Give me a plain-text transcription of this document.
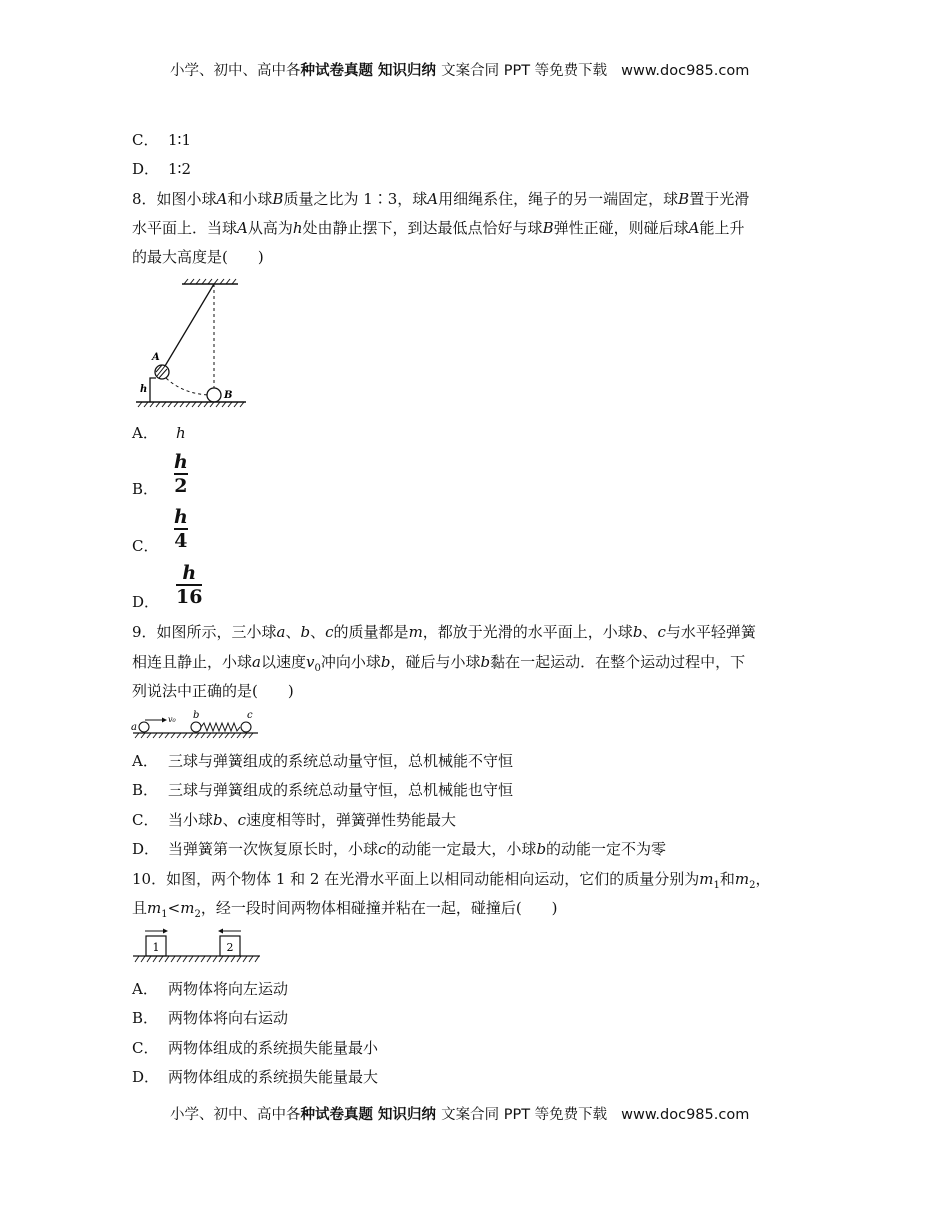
小学、初中、高中各种试卷真题 知识归纳 文案合同 PPT 等免费下载 www.doc985.com
C． 1∶1
D． 1∶2
8．如图小球A和小球B质量之比为 1∶3，球A用细绳系住，绳子的另一端固定，球B置于光滑
水平面上．当球A从高为h处由静止摆下，到达最低点恰好与球B弹性正碰，则碰后球A能上升
的最大高度是(　　)
A
h
B
A． h
B．
h
2
C．
h
4
D．
h
16
9．如图所示，三小球a、b、c的质量都是m，都放于光滑的水平面上，小球b、c与水平轻弹簧
相连且静止，小球a以速度$v_0$冲向小球b，碰后与小球b黏在一起运动．在整个运动过程中，下
列说法中正确的是(　　)
a
v₀ b	c
A． 三球与弹簧组成的系统总动量守恒，总机械能不守恒
B． 三球与弹簧组成的系统总动量守恒，总机械能也守恒
C． 当小球b、c速度相等时，弹簧弹性势能最大
D． 当弹簧第一次恢复原长时，小球c的动能一定最大，小球b的动能一定不为零
10．如图，两个物体 1 和 2 在光滑水平面上以相同动能相向运动，它们的质量分别为$m_1$和$m_2$，
且$m_1<m_2$，经一段时间两物体相碰撞并粘在一起，碰撞后(　　)
1	2
A． 两物体将向左运动
B． 两物体将向右运动
C． 两物体组成的系统损失能量最小
D． 两物体组成的系统损失能量最大
小学、初中、高中各种试卷真题 知识归纳 文案合同 PPT 等免费下载 www.doc985.com
